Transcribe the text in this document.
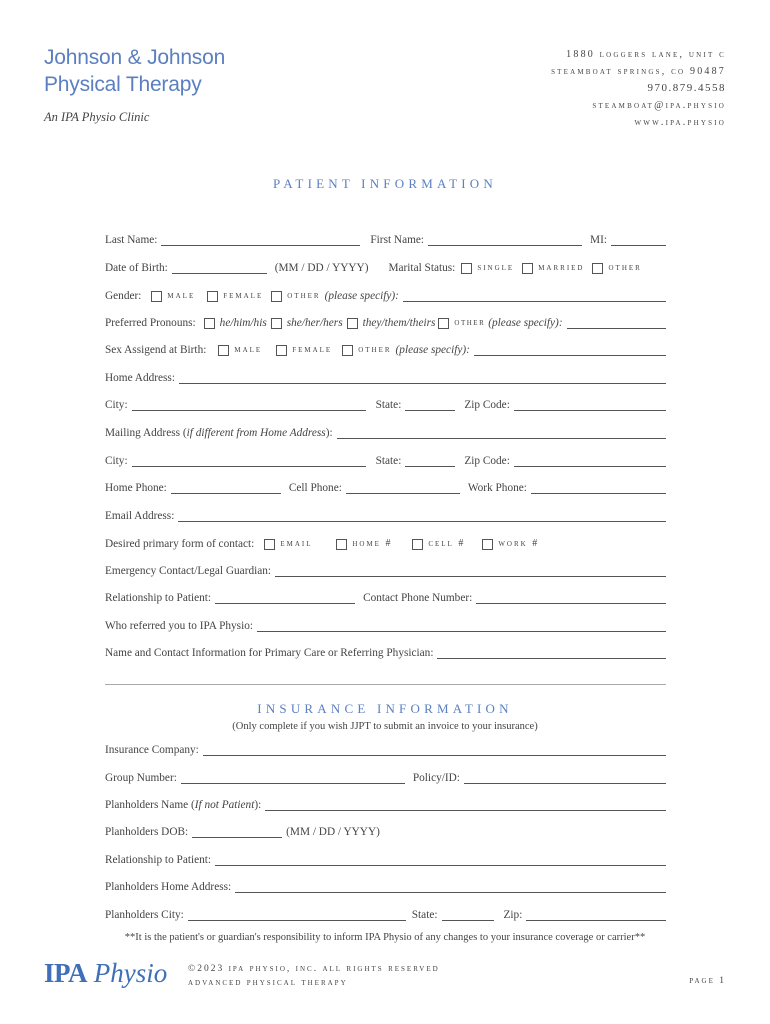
Johnson & Johnson
Physical Therapy
An IPA Physio Clinic
1880 loggers lane, unit c
steamboat springs, co 90487
970.879.4558
steamboat@ipa.physio
www.ipa.physio
PATIENT INFORMATION
Last Name:	First Name:	MI:
Date of Birth:	(MM / DD / YYYY) Marital Status: single married other
Gender:	male	female other (please specify):
Preferred Pronouns: he/him/his she/her/hers they/them/theirs other (please specify):
Sex Assigend at Birth:	male	female	other (please specify):
Home Address:
City:	State:	Zip Code:
Mailing Address ( if different from Home Address ):
City:	State:	Zip Code:
Home Phone:	Cell Phone:	Work Phone:
Email Address:
Desired primary form of contact:	email	home #	cell #	work #
Emergency Contact/Legal Guardian:
Relationship to Patient:	Contact Phone Number:
Who referred you to IPA Physio:
Name and Contact Information for Primary Care or Referring Physician:
INSURANCE INFORMATION
(Only complete if you wish JJPT to submit an invoice to your insurance)
Insurance Company:
Group Number:	Policy/ID:
Planholders Name ( If not Patient ):
Planholders DOB:	(MM / DD / YYYY)
Relationship to Patient:
Planholders Home Address:
Planholders City:	State:	Zip:
**It is the patient's or guardian's responsibility to inform IPA Physio of any changes to your insurance coverage or carrier**
IPA Physio ©2023 ipa physio, inc. all rights reserved
advanced physical therapy	page 1
